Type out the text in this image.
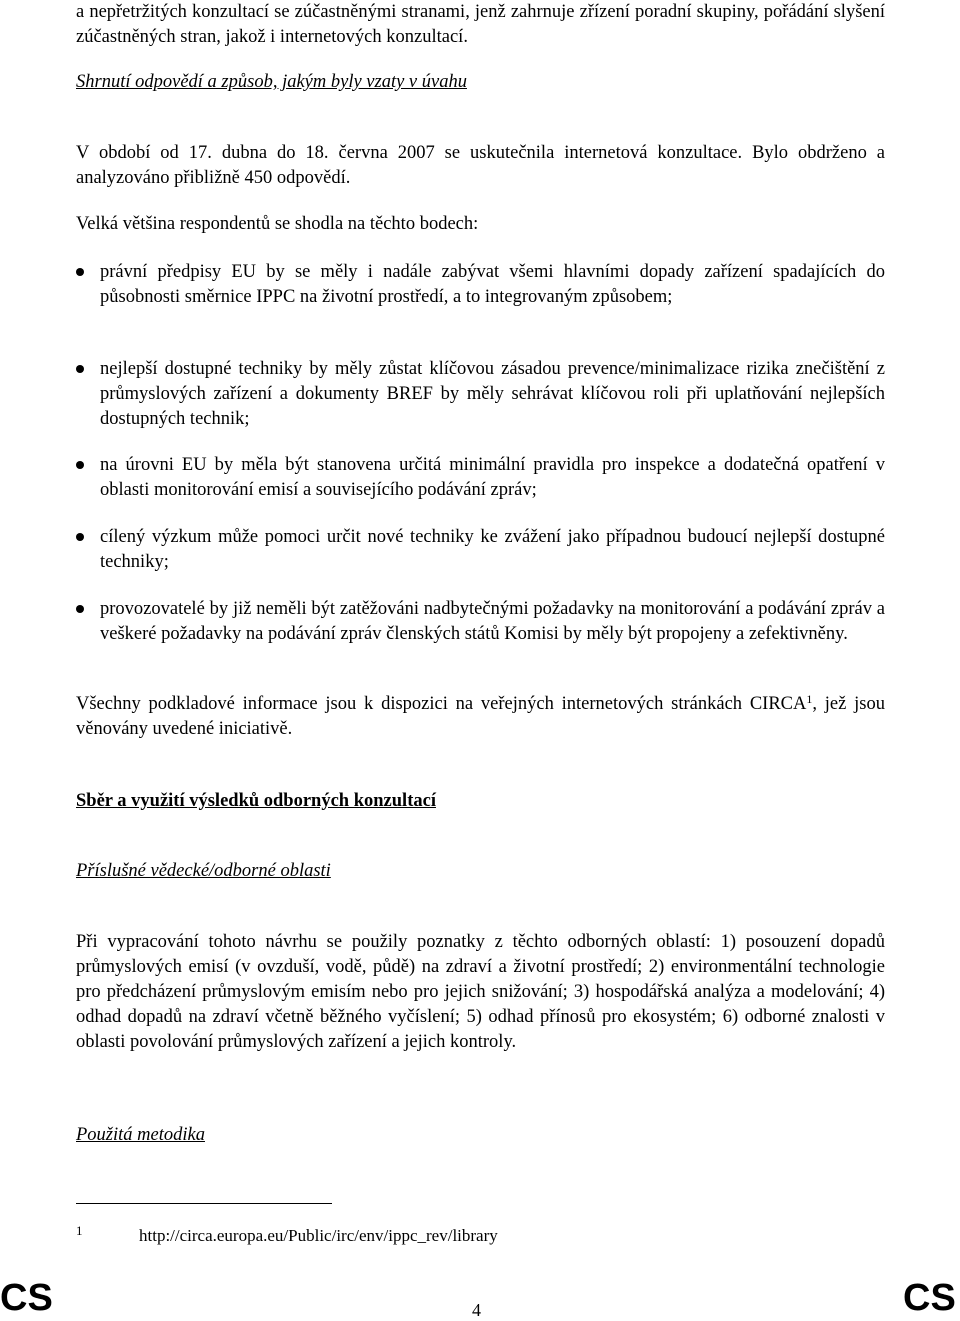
a nepřetržitých konzultací se zúčastněnými stranami, jenž zahrnuje zřízení poradní skupiny, pořádání slyšení zúčastněných stran, jakož i internetových konzultací.

Shrnutí odpovědí a způsob, jakým byly vzaty v úvahu

V období od 17. dubna do 18. června 2007 se uskutečnila internetová konzultace. Bylo obdrženo a analyzováno přibližně 450 odpovědí.

Velká většina respondentů se shodla na těchto bodech:

právní předpisy EU by se měly i nadále zabývat všemi hlavními dopady zařízení spadajících do působnosti směrnice IPPC na životní prostředí, a to integrovaným způsobem;
nejlepší dostupné techniky by měly zůstat klíčovou zásadou prevence/minimalizace rizika znečištění z průmyslových zařízení a dokumenty BREF by měly sehrávat klíčovou roli při uplatňování nejlepších dostupných technik;
na úrovni EU by měla být stanovena určitá minimální pravidla pro inspekce a dodatečná opatření v oblasti monitorování emisí a souvisejícího podávání zpráv;
cílený výzkum může pomoci určit nové techniky ke zvážení jako případnou budoucí nejlepší dostupné techniky;
provozovatelé by již neměli být zatěžováni nadbytečnými požadavky na monitorování a podávání zpráv a veškeré požadavky na podávání zpráv členských států Komisi by měly být propojeny a zefektivněny.

Všechny podkladové informace jsou k dispozici na veřejných internetových stránkách CIRCA$^1$, jež jsou věnovány uvedené iniciativě.

Sběr a využití výsledků odborných konzultací

Příslušné vědecké/odborné oblasti

Při vypracování tohoto návrhu se použily poznatky z těchto odborných oblastí: 1) posouzení dopadů průmyslových emisí (v ovzduší, vodě, půdě) na zdraví a životní prostředí; 2) environmentální technologie pro předcházení průmyslovým emisím nebo pro jejich snižování; 3) hospodářská analýza a modelování; 4) odhad dopadů na zdraví včetně běžného vyčíslení; 5) odhad přínosů pro ekosystém; 6) odborné znalosti v oblasti povolování průmyslových zařízení a jejich kontroly.

Použitá metodika

1	http://circa.europa.eu/Public/irc/env/ippc_rev/library
CS	4	CS
